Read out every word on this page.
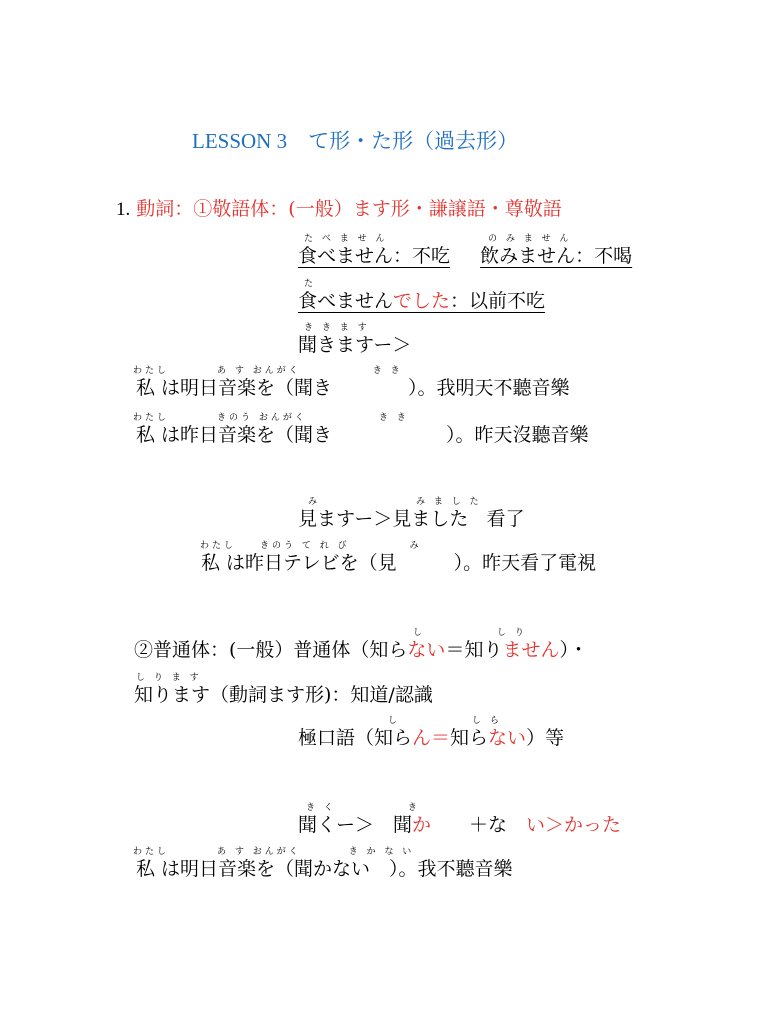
LESSON 3　て形・た形（過去形）
1. 動詞：①敬語体：(一般）ます形・謙譲語・尊敬語
た べ ま せ ん	の み ま せ ん
食べません：不吃 飲みません：不喝
た
食べませんでした：以前不吃
き き ま す
聞きますー＞
わたし　　　　あ す おんがく　　　　　　き き
私 は明日音楽を（聞き　　　　）。我明天不聽音樂
わたし　　　　きのう おんがく　　　　　　き き
私 は昨日音楽を（聞き　　　　　　）。昨天沒聽音樂
み　　　　　　　　み ま し た
見ますー＞見ました 看了
わたし　　きのう て れ び　　　　　み
私 は昨日テレビを（見　　　）。昨天看了電視
し　　　　　　し り
②普通体：(一般）普通体（知らない＝知りません）・
し り ま す
知ります（動詞ます形)：知道/認識
し　　　　　　し ら
極口語（知らん＝知らない）等
き く　　　　　　き
聞くー＞　聞か　　＋な　い＞かった
わたし　　　　あ す おんがく　　　　き か な い
私 は明日音楽を（聞かない　）。我不聽音樂
